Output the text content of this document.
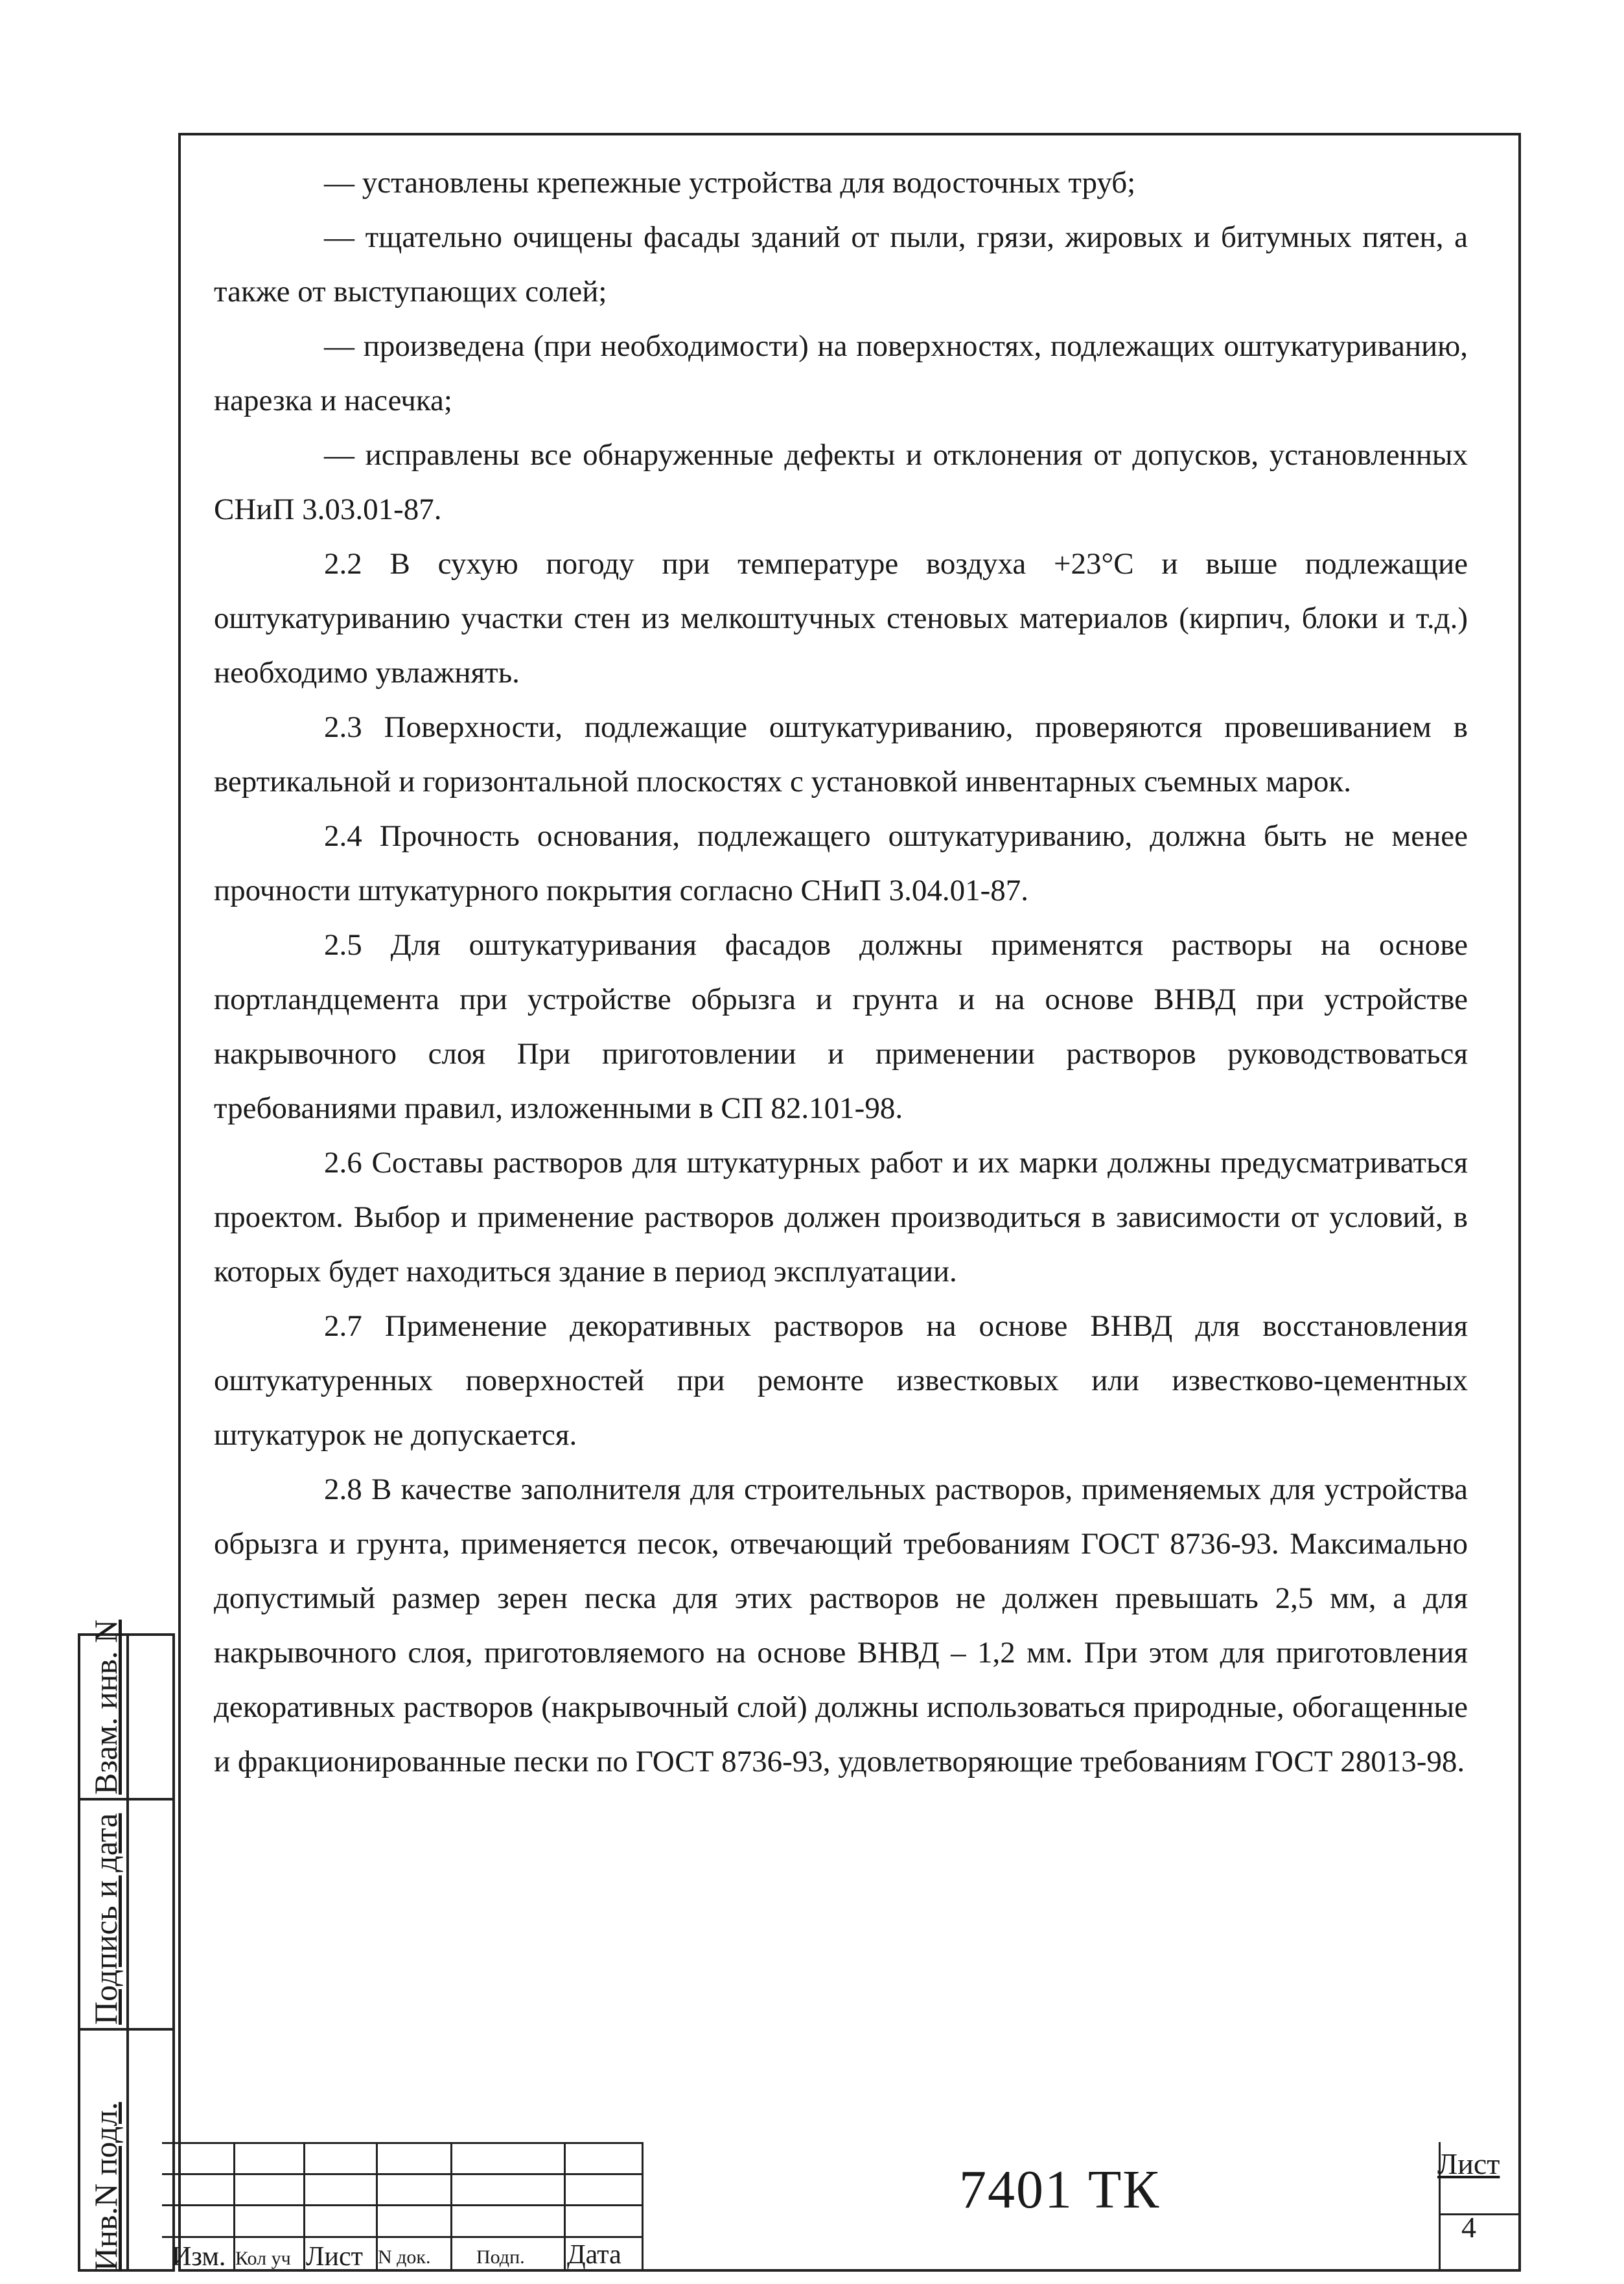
— установлены крепежные устройства для водосточных труб;

— тщательно очищены фасады зданий от пыли, грязи, жировых и битумных пятен, а также от выступающих солей;

— произведена (при необходимости) на поверхностях, подлежащих оштукатуриванию, нарезка и насечка;

— исправлены все обнаруженные дефекты и отклонения от допусков, установленных СНиП 3.03.01-87.

2.2 В сухую погоду при температуре воздуха +23°С и выше подлежащие оштукатуриванию участки стен из мелкоштучных стеновых материалов (кирпич, блоки и т.д.) необходимо увлажнять.

2.3 Поверхности, подлежащие оштукатуриванию, проверяются провешиванием в вертикальной и горизонтальной плоскостях с установкой инвентарных съемных марок.

2.4 Прочность основания, подлежащего оштукатуриванию, должна быть не менее прочности штукатурного покрытия согласно СНиП 3.04.01-87.

2.5 Для оштукатуривания фасадов должны применятся растворы на основе портландцемента при устройстве обрызга и грунта и на основе ВНВД при устройстве накрывочного слоя При приготовлении и применении растворов руководствоваться требованиями правил, изложенными в СП 82.101-98.

2.6 Составы растворов для штукатурных работ и их марки должны предусматриваться проектом. Выбор и применение растворов должен производиться в зависимости от условий, в которых будет находиться здание в период эксплуатации.

2.7 Применение декоративных растворов на основе ВНВД для восстановления оштукатуренных поверхностей при ремонте известковых или известково-цементных штукатурок не допускается.

2.8 В качестве заполнителя для строительных растворов, применяемых для устройства обрызга и грунта, применяется песок, отвечающий требованиям ГОСТ 8736-93. Максимально допустимый размер зерен песка для этих растворов не должен превышать 2,5 мм, а для накрывочного слоя, приготовляемого на основе ВНВД – 1,2 мм. При этом для приготовления декоративных растворов (накрывочный слой) должны использоваться природные, обогащенные и фракционированные пески по ГОСТ 8736-93, удовлетворяющие требованиям ГОСТ 28013-98.

Инв.N подл.
Подпись и дата
Взам. инв. N
Изм. Кол уч Лист N док. Подп. Дата
7401 ТК	Лист
4
